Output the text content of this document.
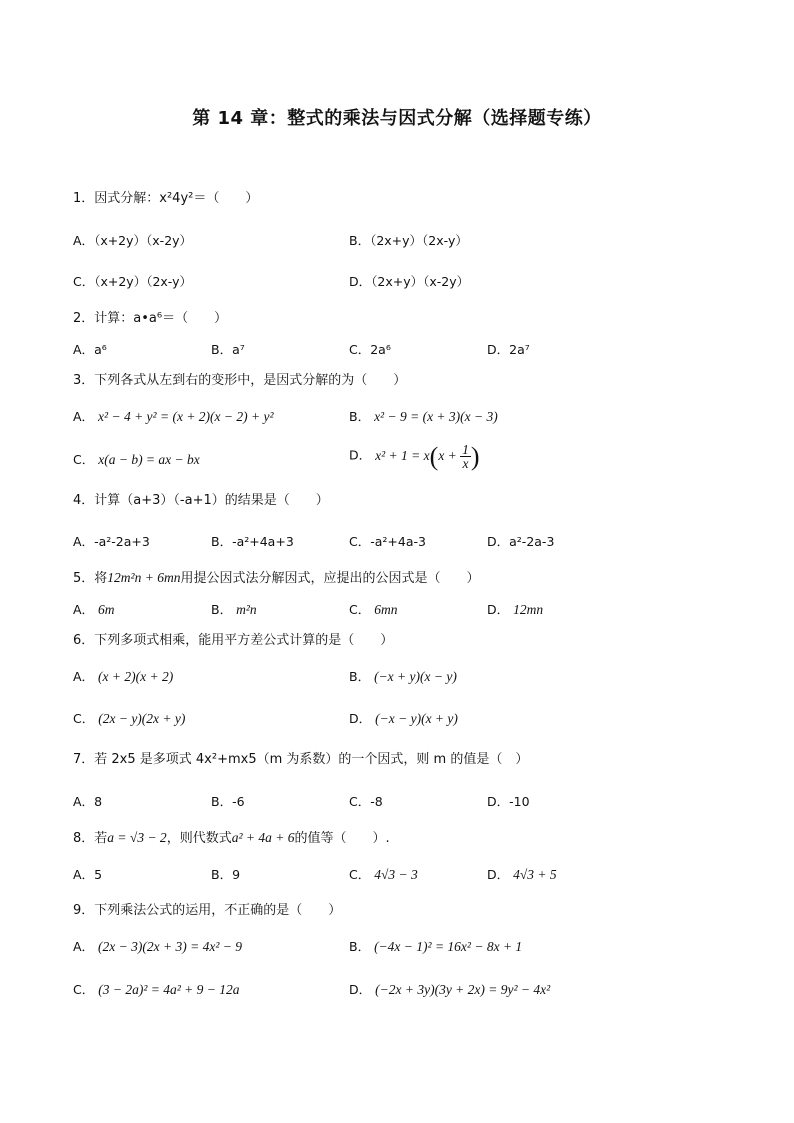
第 14 章：整式的乘法与因式分解（选择题专练）
1．因式分解：x²4y²＝（　　）
A．（x+2y）（x-2y）	B．（2x+y）（2x-y）
C．（x+2y）（2x-y）	D．（2x+y）（x-2y）
2．计算：a•a⁶＝（　　）
A．a⁶	B．a⁷	C．2a⁶	D．2a⁷
3．下列各式从左到右的变形中，是因式分解的为（　　）
A． x² − 4 + y² = (x + 2)(x − 2) + y²	B． x² − 9 = (x + 3)(x − 3)
C． x(a − b) = ax − bx	D． $x^2 + 1 = x(x + \frac{1}{x}$ )
4．计算（a+3）（-a+1）的结果是（　　）
A．-a²-2a+3	B．-a²+4a+3	C．-a²+4a-3	D．a²-2a-3
5．将12m²n + 6mn用提公因式法分解因式，应提出的公因式是（　　）
A． 6m	B． m²n	C． 6mn	D． 12mn
6．下列多项式相乘，能用平方差公式计算的是（　　）
A． (x + 2)(x + 2)	B． (−x + y)(x − y)
C． (2x − y)(2x + y)	D． (−x − y)(x + y)
7．若 2x5 是多项式 4x²+mx5（m 为系数）的一个因式，则 m 的值是（　）
A．8	B．-6	C．-8	D．-10
8．若a = √3 − 2，则代数式a² + 4a + 6的值等（　　）.
A．5	B．9	C． 4√3 − 3	D． 4√3 + 5
9．下列乘法公式的运用，不正确的是（　　）
A． (2x − 3)(2x + 3) = 4x² − 9	B． (−4x − 1)² = 16x² − 8x + 1
C． (3 − 2a)² = 4a² + 9 − 12a	D． (−2x + 3y)(3y + 2x) = 9y² − 4x²
